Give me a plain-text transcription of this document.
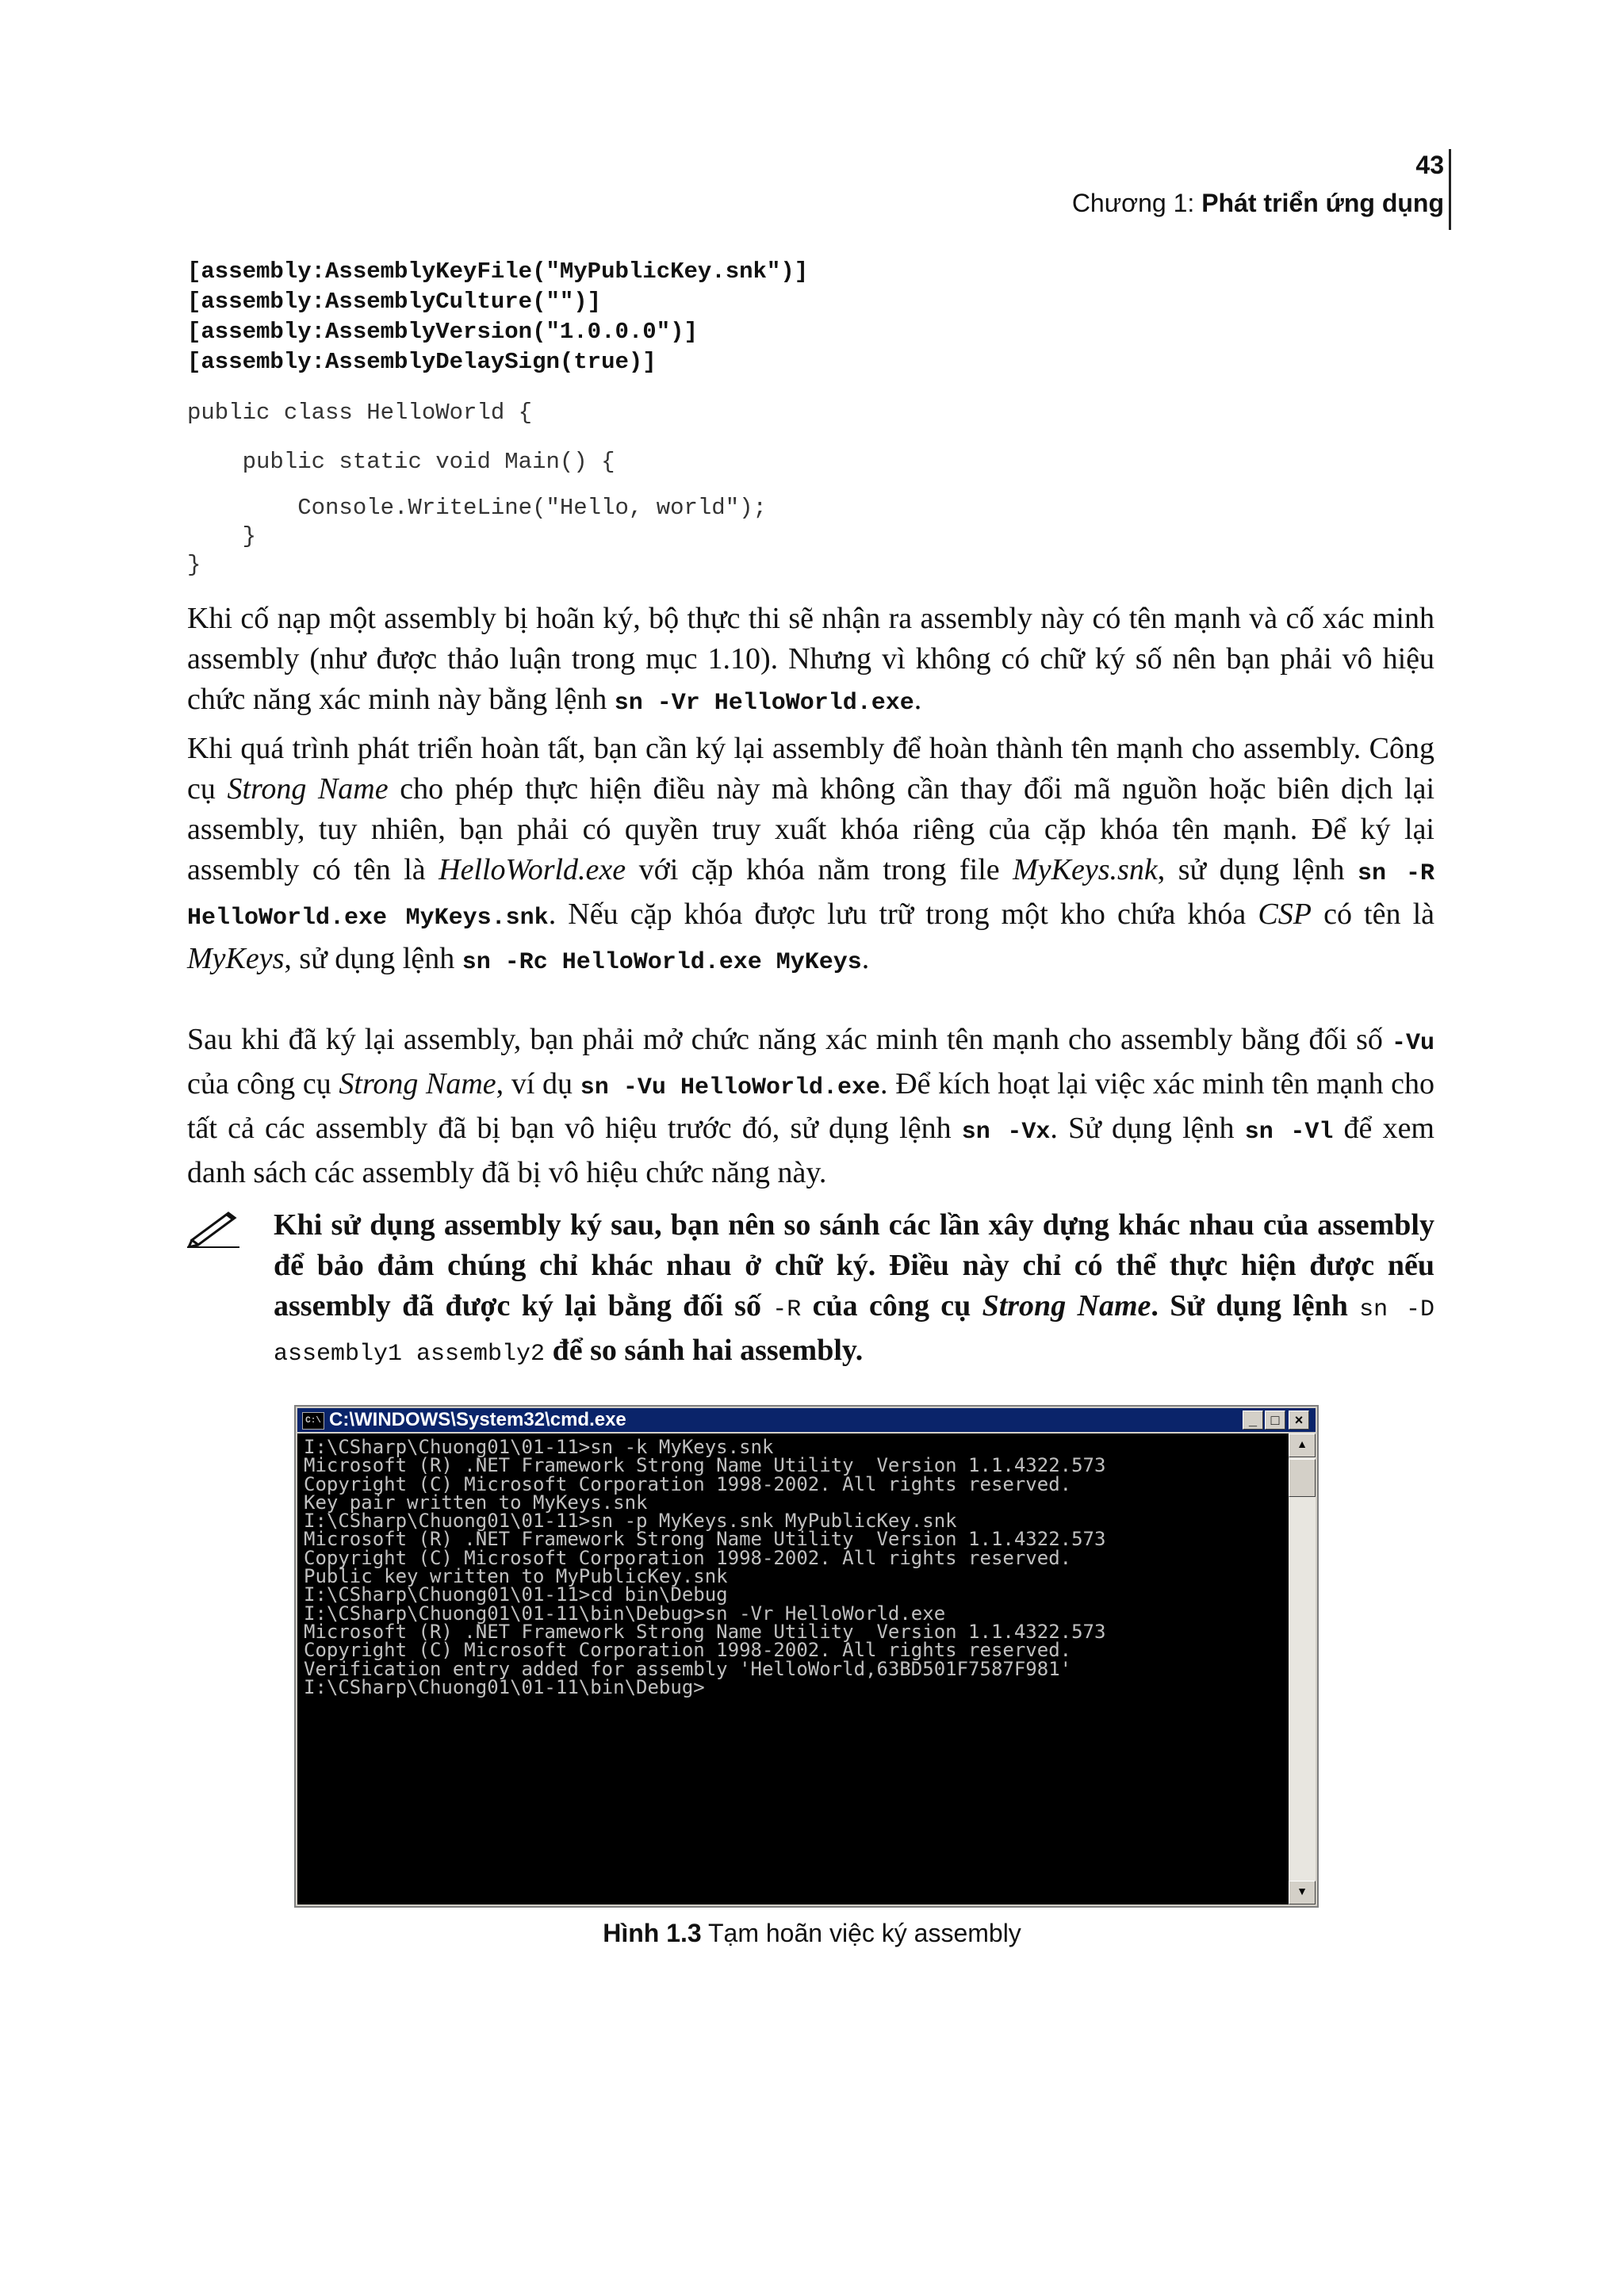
43
Chương 1: Phát triển ứng dụng
[assembly:AssemblyKeyFile("MyPublicKey.snk")]
[assembly:AssemblyCulture("")]
[assembly:AssemblyVersion("1.0.0.0")]
[assembly:AssemblyDelaySign(true)]
public class HelloWorld {
public static void Main() {
Console.WriteLine("Hello, world");
}
}
Khi cố nạp một assembly bị hoãn ký, bộ thực thi sẽ nhận ra assembly này có tên mạnh và cố xác minh assembly (như được thảo luận trong mục 1.10). Nhưng vì không có chữ ký số nên bạn phải vô hiệu chức năng xác minh này bằng lệnh sn -Vr HelloWorld.exe.
Khi quá trình phát triển hoàn tất, bạn cần ký lại assembly để hoàn thành tên mạnh cho assembly. Công cụ Strong Name cho phép thực hiện điều này mà không cần thay đổi mã nguồn hoặc biên dịch lại assembly, tuy nhiên, bạn phải có quyền truy xuất khóa riêng của cặp khóa tên mạnh. Để ký lại assembly có tên là HelloWorld.exe với cặp khóa nằm trong file MyKeys.snk, sử dụng lệnh sn -R HelloWorld.exe MyKeys.snk. Nếu cặp khóa được lưu trữ trong một kho chứa khóa CSP có tên là MyKeys, sử dụng lệnh sn -Rc HelloWorld.exe MyKeys.
Sau khi đã ký lại assembly, bạn phải mở chức năng xác minh tên mạnh cho assembly bằng đối số -Vu của công cụ Strong Name, ví dụ sn -Vu HelloWorld.exe. Để kích hoạt lại việc xác minh tên mạnh cho tất cả các assembly đã bị bạn vô hiệu trước đó, sử dụng lệnh sn -Vx. Sử dụng lệnh sn -Vl để xem danh sách các assembly đã bị vô hiệu chức năng này.
Khi sử dụng assembly ký sau, bạn nên so sánh các lần xây dựng khác nhau của assembly để bảo đảm chúng chỉ khác nhau ở chữ ký. Điều này chỉ có thể thực hiện được nếu assembly đã được ký lại bằng đối số -R của công cụ Strong Name. Sử dụng lệnh sn -D assembly1 assembly2 để so sánh hai assembly.
C:\ C:\WINDOWS\System32\cmd.exe	_ □	×
I:\CSharp\Chuong01\01-11>sn -k MyKeys.snk
Microsoft (R) .NET Framework Strong Name Utility  Version 1.1.4322.573
Copyright (C) Microsoft Corporation 1998-2002. All rights reserved.
Key pair written to MyKeys.snk
I:\CSharp\Chuong01\01-11>sn -p MyKeys.snk MyPublicKey.snk
Microsoft (R) .NET Framework Strong Name Utility  Version 1.1.4322.573
Copyright (C) Microsoft Corporation 1998-2002. All rights reserved.
Public key written to MyPublicKey.snk
I:\CSharp\Chuong01\01-11>cd bin\Debug
I:\CSharp\Chuong01\01-11\bin\Debug>sn -Vr HelloWorld.exe
Microsoft (R) .NET Framework Strong Name Utility  Version 1.1.4322.573
Copyright (C) Microsoft Corporation 1998-2002. All rights reserved.
Verification entry added for assembly 'HelloWorld,63BD501F7587F981'
I:\CSharp\Chuong01\01-11\bin\Debug>
▲
▼
Hình 1.3 Tạm hoãn việc ký assembly
